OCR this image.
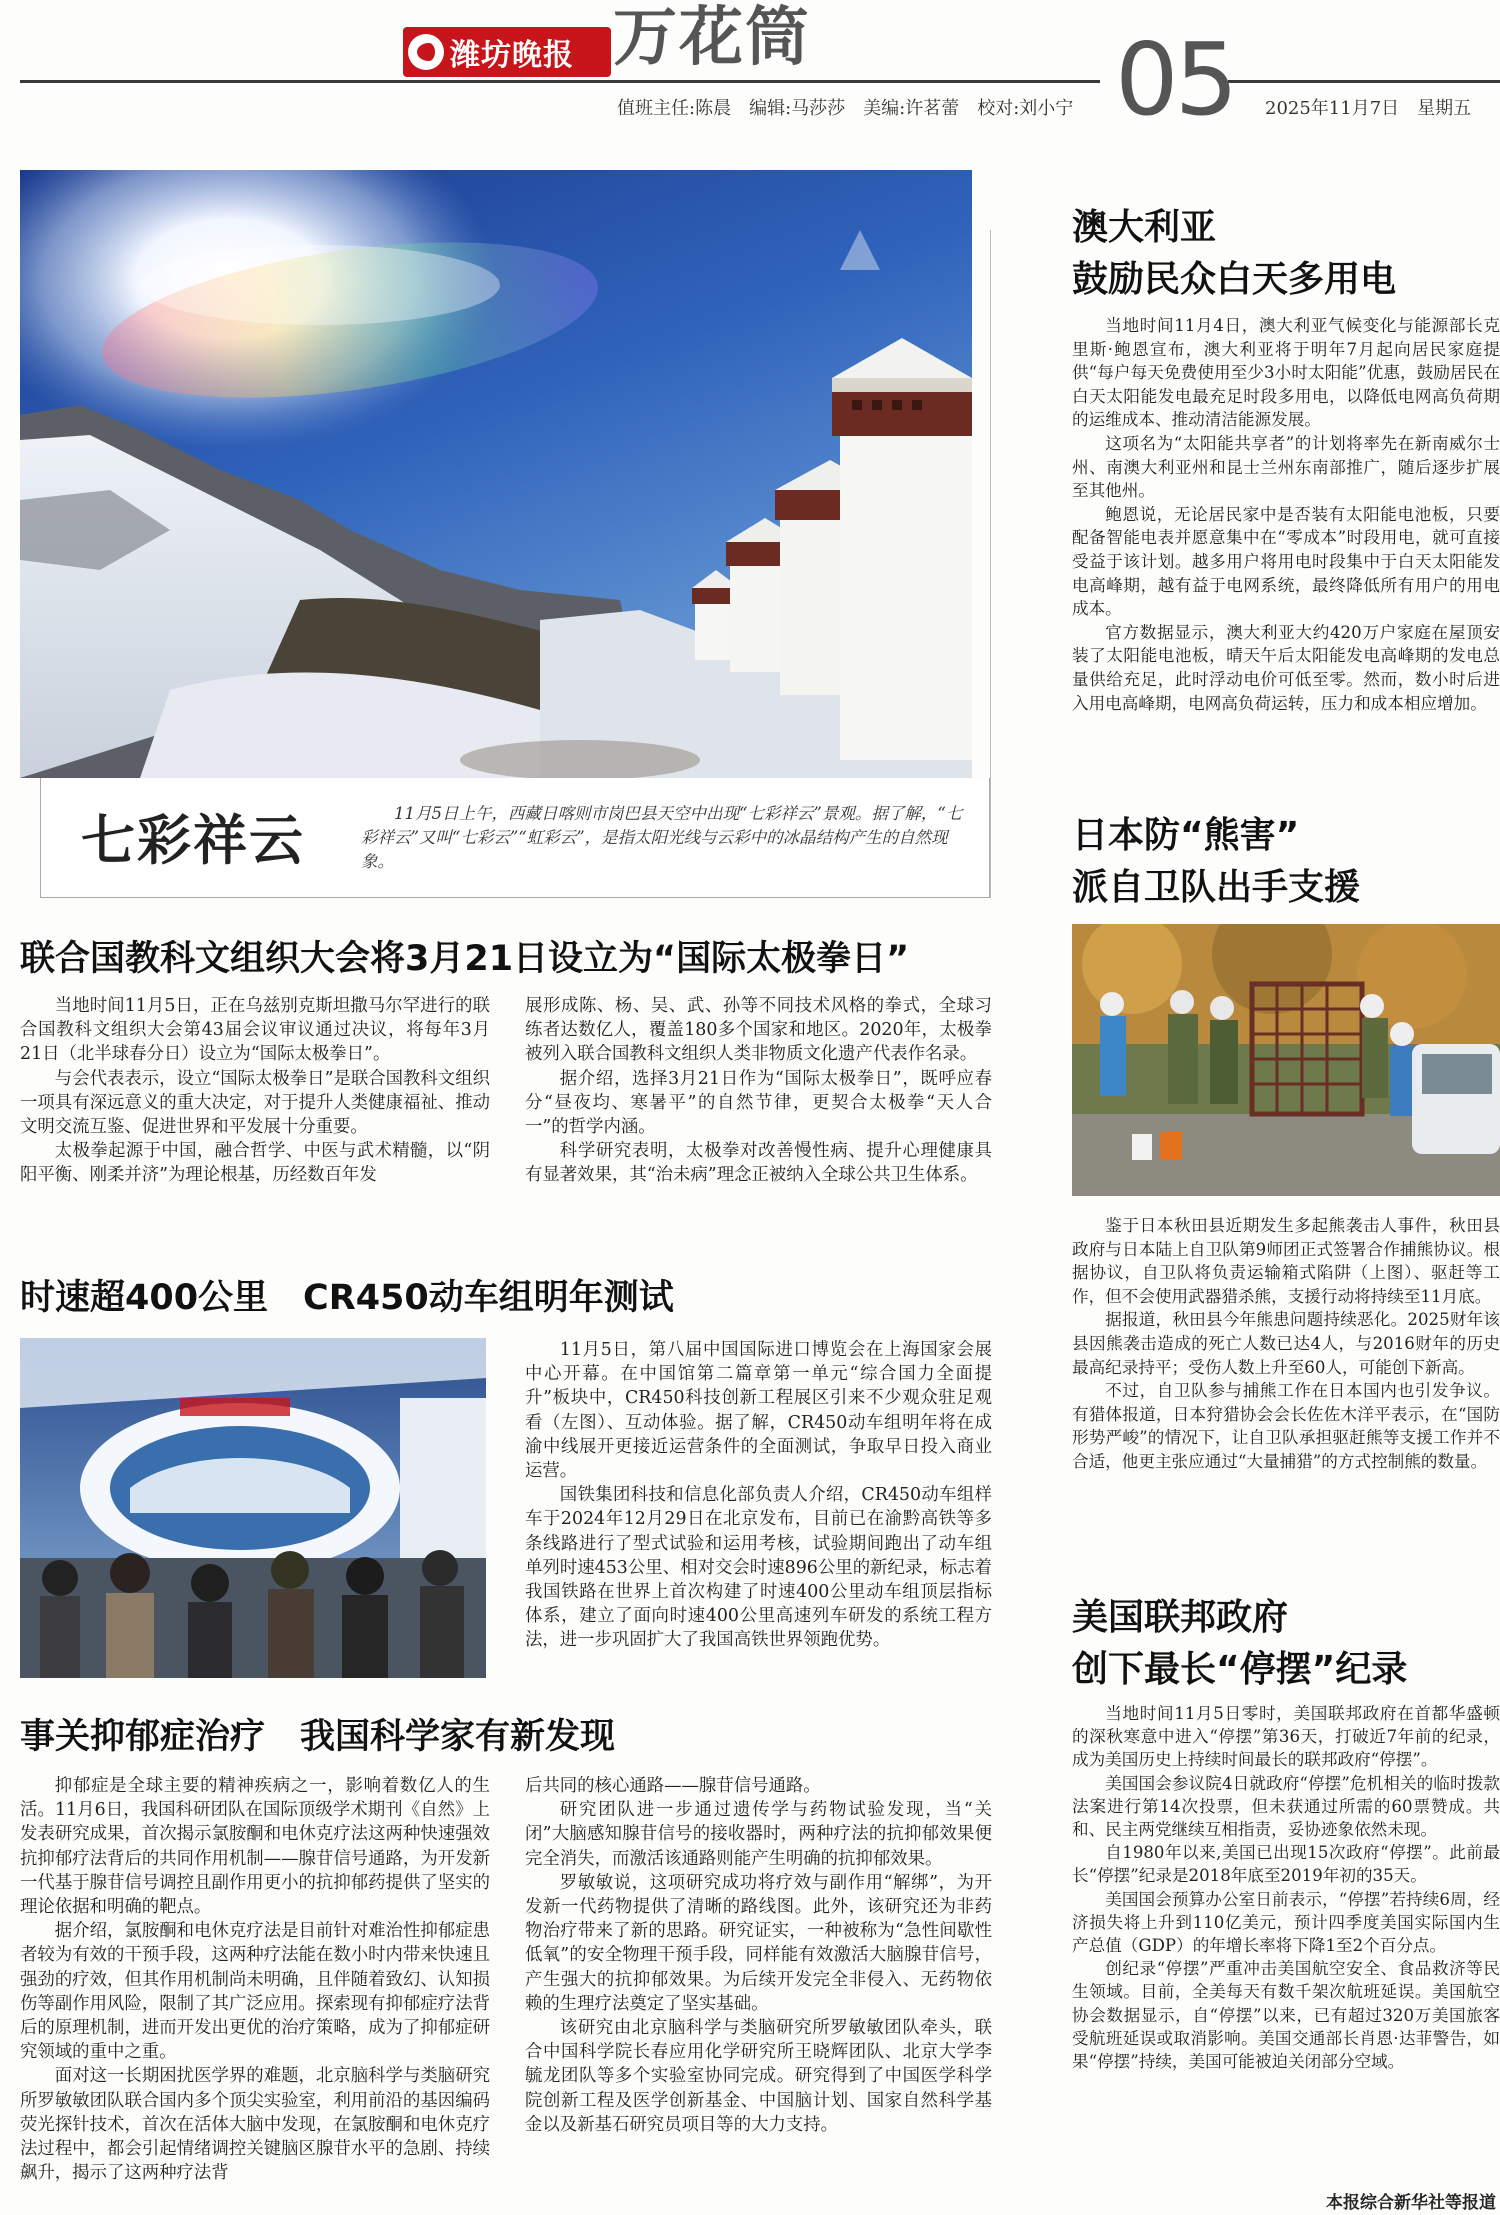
潍坊晚报 万花筒
值班主任:陈晨　编辑:马莎莎　美编:许茗蕾　校对:刘小宁 05 2025年11月7日　星期五
七彩祥云	11月5日上午，西藏日喀则市岗巴县天空中出现“七彩祥云”景观。据了解，“七彩祥云”又叫“七彩云”“虹彩云”，是指太阳光线与云彩中的冰晶结构产生的自然现象。
联合国教科文组织大会将3月21日设立为“国际太极拳日”

当地时间11月5日，正在乌兹别克斯坦撒马尔罕进行的联合国教科文组织大会第43届会议审议通过决议，将每年3月21日（北半球春分日）设立为“国际太极拳日”。

与会代表表示，设立“国际太极拳日”是联合国教科文组织一项具有深远意义的重大决定，对于提升人类健康福祉、推动文明交流互鉴、促进世界和平发展十分重要。

太极拳起源于中国，融合哲学、中医与武术精髓，以“阴阳平衡、刚柔并济”为理论根基，历经数百年发

展形成陈、杨、吴、武、孙等不同技术风格的拳式，全球习练者达数亿人，覆盖180多个国家和地区。2020年，太极拳被列入联合国教科文组织人类非物质文化遗产代表作名录。

据介绍，选择3月21日作为“国际太极拳日”，既呼应春分“昼夜均、寒暑平”的自然节律，更契合太极拳“天人合一”的哲学内涵。

科学研究表明，太极拳对改善慢性病、提升心理健康具有显著效果，其“治未病”理念正被纳入全球公共卫生体系。

时速超400公里　CR450动车组明年测试

11月5日，第八届中国国际进口博览会在上海国家会展中心开幕。在中国馆第二篇章第一单元“综合国力全面提升”板块中，CR450科技创新工程展区引来不少观众驻足观看（左图）、互动体验。据了解，CR450动车组明年将在成渝中线展开更接近运营条件的全面测试，争取早日投入商业运营。

国铁集团科技和信息化部负责人介绍，CR450动车组样车于2024年12月29日在北京发布，目前已在渝黔高铁等多条线路进行了型式试验和运用考核，试验期间跑出了动车组单列时速453公里、相对交会时速896公里的新纪录，标志着我国铁路在世界上首次构建了时速400公里动车组顶层指标体系，建立了面向时速400公里高速列车研发的系统工程方法，进一步巩固扩大了我国高铁世界领跑优势。

事关抑郁症治疗　我国科学家有新发现

抑郁症是全球主要的精神疾病之一，影响着数亿人的生活。11月6日，我国科研团队在国际顶级学术期刊《自然》上发表研究成果，首次揭示氯胺酮和电休克疗法这两种快速强效抗抑郁疗法背后的共同作用机制——腺苷信号通路，为开发新一代基于腺苷信号调控且副作用更小的抗抑郁药提供了坚实的理论依据和明确的靶点。

据介绍，氯胺酮和电休克疗法是目前针对难治性抑郁症患者较为有效的干预手段，这两种疗法能在数小时内带来快速且强劲的疗效，但其作用机制尚未明确，且伴随着致幻、认知损伤等副作用风险，限制了其广泛应用。探索现有抑郁症疗法背后的原理机制，进而开发出更优的治疗策略，成为了抑郁症研究领域的重中之重。

面对这一长期困扰医学界的难题，北京脑科学与类脑研究所罗敏敏团队联合国内多个顶尖实验室，利用前沿的基因编码荧光探针技术，首次在活体大脑中发现，在氯胺酮和电休克疗法过程中，都会引起情绪调控关键脑区腺苷水平的急剧、持续飙升，揭示了这两种疗法背

后共同的核心通路——腺苷信号通路。

研究团队进一步通过遗传学与药物试验发现，当“关闭”大脑感知腺苷信号的接收器时，两种疗法的抗抑郁效果便完全消失，而激活该通路则能产生明确的抗抑郁效果。

罗敏敏说，这项研究成功将疗效与副作用“解绑”，为开发新一代药物提供了清晰的路线图。此外，该研究还为非药物治疗带来了新的思路。研究证实，一种被称为“急性间歇性低氧”的安全物理干预手段，同样能有效激活大脑腺苷信号，产生强大的抗抑郁效果。为后续开发完全非侵入、无药物依赖的生理疗法奠定了坚实基础。

该研究由北京脑科学与类脑研究所罗敏敏团队牵头，联合中国科学院长春应用化学研究所王晓辉团队、北京大学李毓龙团队等多个实验室协同完成。研究得到了中国医学科学院创新工程及医学创新基金、中国脑计划、国家自然科学基金以及新基石研究员项目等的大力支持。

澳大利亚
鼓励民众白天多用电

当地时间11月4日，澳大利亚气候变化与能源部长克里斯·鲍恩宣布，澳大利亚将于明年7月起向居民家庭提供“每户每天免费使用至少3小时太阳能”优惠，鼓励居民在白天太阳能发电最充足时段多用电，以降低电网高负荷期的运维成本、推动清洁能源发展。

这项名为“太阳能共享者”的计划将率先在新南威尔士州、南澳大利亚州和昆士兰州东南部推广，随后逐步扩展至其他州。

鲍恩说，无论居民家中是否装有太阳能电池板，只要配备智能电表并愿意集中在“零成本”时段用电，就可直接受益于该计划。越多用户将用电时段集中于白天太阳能发电高峰期，越有益于电网系统，最终降低所有用户的用电成本。

官方数据显示，澳大利亚大约420万户家庭在屋顶安装了太阳能电池板，晴天午后太阳能发电高峰期的发电总量供给充足，此时浮动电价可低至零。然而，数小时后进入用电高峰期，电网高负荷运转，压力和成本相应增加。

日本防“熊害”
派自卫队出手支援

鉴于日本秋田县近期发生多起熊袭击人事件，秋田县政府与日本陆上自卫队第9师团正式签署合作捕熊协议。根据协议，自卫队将负责运输箱式陷阱（上图）、驱赶等工作，但不会使用武器猎杀熊，支援行动将持续至11月底。

据报道，秋田县今年熊患问题持续恶化。2025财年该县因熊袭击造成的死亡人数已达4人，与2016财年的历史最高纪录持平；受伤人数上升至60人，可能创下新高。

不过，自卫队参与捕熊工作在日本国内也引发争议。有猎体报道，日本狩猎协会会长佐佐木洋平表示，在“国防形势严峻”的情况下，让自卫队承担驱赶熊等支援工作并不合适，他更主张应通过“大量捕猎”的方式控制熊的数量。

美国联邦政府
创下最长“停摆”纪录

当地时间11月5日零时，美国联邦政府在首都华盛顿的深秋寒意中进入“停摆”第36天，打破近7年前的纪录，成为美国历史上持续时间最长的联邦政府“停摆”。

美国国会参议院4日就政府“停摆”危机相关的临时拨款法案进行第14次投票，但未获通过所需的60票赞成。共和、民主两党继续互相指责，妥协迹象依然未现。

自1980年以来,美国已出现15次政府“停摆”。此前最长“停摆”纪录是2018年底至2019年初的35天。

美国国会预算办公室日前表示，“停摆”若持续6周，经济损失将上升到110亿美元，预计四季度美国实际国内生产总值（GDP）的年增长率将下降1至2个百分点。

创纪录“停摆”严重冲击美国航空安全、食品救济等民生领域。目前，全美每天有数千架次航班延误。美国航空协会数据显示，自“停摆”以来，已有超过320万美国旅客受航班延误或取消影响。美国交通部长肖恩·达菲警告，如果“停摆”持续，美国可能被迫关闭部分空域。

本报综合新华社等报道
